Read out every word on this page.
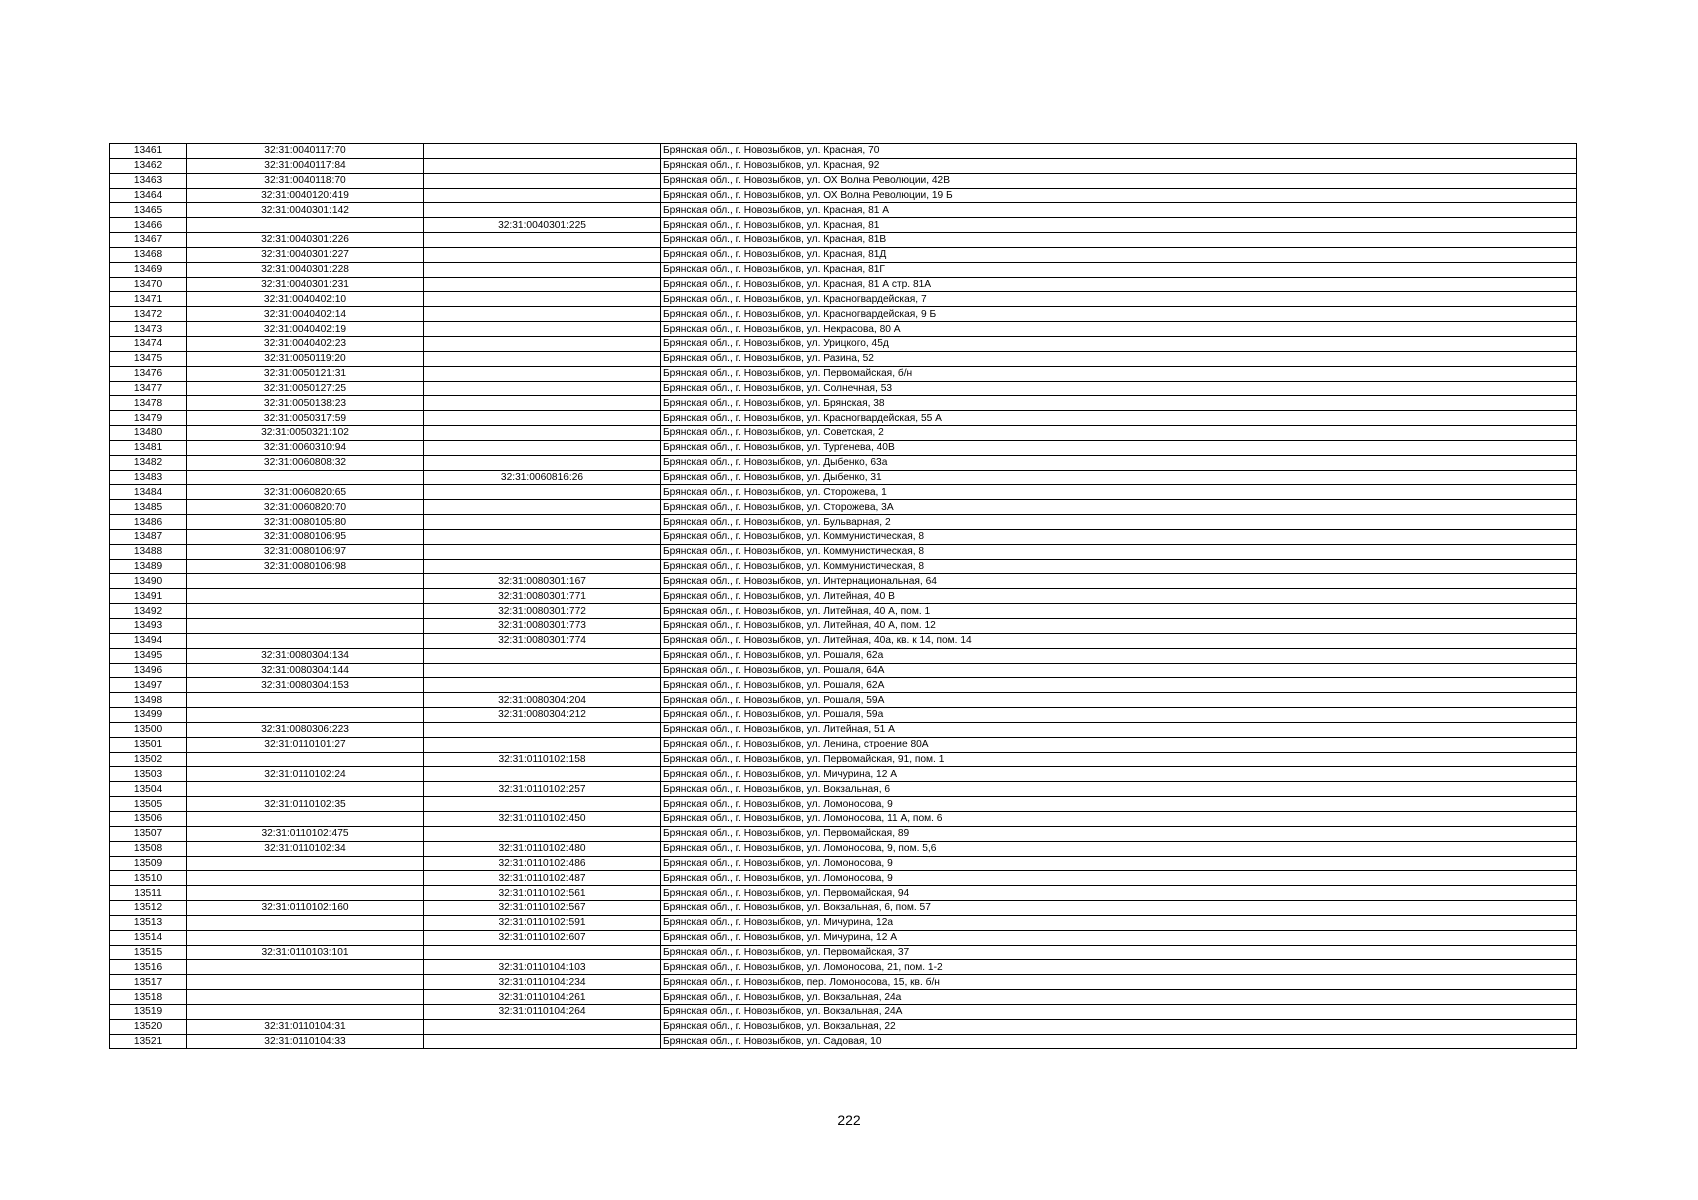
13461	32:31:0040117:70		Брянская обл., г. Новозыбков, ул. Красная, 70
13462	32:31:0040117:84		Брянская обл., г. Новозыбков, ул. Красная, 92
13463	32:31:0040118:70		Брянская обл., г. Новозыбков, ул. ОХ Волна Революции, 42В
13464	32:31:0040120:419		Брянская обл., г. Новозыбков, ул. ОХ Волна Революции, 19 Б
13465	32:31:0040301:142		Брянская обл., г. Новозыбков, ул. Красная, 81 А
13466		32:31:0040301:225	Брянская обл., г. Новозыбков, ул. Красная, 81
13467	32:31:0040301:226		Брянская обл., г. Новозыбков, ул. Красная, 81В
13468	32:31:0040301:227		Брянская обл., г. Новозыбков, ул. Красная, 81Д
13469	32:31:0040301:228		Брянская обл., г. Новозыбков, ул. Красная, 81Г
13470	32:31:0040301:231		Брянская обл., г. Новозыбков, ул. Красная, 81 А стр. 81А
13471	32:31:0040402:10		Брянская обл., г. Новозыбков, ул. Красногвардейская, 7
13472	32:31:0040402:14		Брянская обл., г. Новозыбков, ул. Красногвардейская, 9 Б
13473	32:31:0040402:19		Брянская обл., г. Новозыбков, ул. Некрасова, 80 А
13474	32:31:0040402:23		Брянская обл., г. Новозыбков, ул. Урицкого, 45д
13475	32:31:0050119:20		Брянская обл., г. Новозыбков, ул. Разина, 52
13476	32:31:0050121:31		Брянская обл., г. Новозыбков, ул. Первомайская, б/н
13477	32:31:0050127:25		Брянская обл., г. Новозыбков, ул. Солнечная, 53
13478	32:31:0050138:23		Брянская обл., г. Новозыбков, ул. Брянская, 38
13479	32:31:0050317:59		Брянская обл., г. Новозыбков, ул. Красногвардейская, 55 А
13480	32:31:0050321:102		Брянская обл., г. Новозыбков, ул. Советская, 2
13481	32:31:0060310:94		Брянская обл., г. Новозыбков, ул. Тургенева, 40В
13482	32:31:0060808:32		Брянская обл., г. Новозыбков, ул. Дыбенко, 63а
13483		32:31:0060816:26	Брянская обл., г. Новозыбков, ул. Дыбенко, 31
13484	32:31:0060820:65		Брянская обл., г. Новозыбков, ул. Сторожева, 1
13485	32:31:0060820:70		Брянская обл., г. Новозыбков, ул. Сторожева, 3А
13486	32:31:0080105:80		Брянская обл., г. Новозыбков, ул. Бульварная, 2
13487	32:31:0080106:95		Брянская обл., г. Новозыбков, ул. Коммунистическая, 8
13488	32:31:0080106:97		Брянская обл., г. Новозыбков, ул. Коммунистическая, 8
13489	32:31:0080106:98		Брянская обл., г. Новозыбков, ул. Коммунистическая, 8
13490		32:31:0080301:167	Брянская обл., г. Новозыбков, ул. Интернациональная, 64
13491		32:31:0080301:771	Брянская обл., г. Новозыбков, ул. Литейная, 40 В
13492		32:31:0080301:772	Брянская обл., г. Новозыбков, ул. Литейная, 40 А, пом. 1
13493		32:31:0080301:773	Брянская обл., г. Новозыбков, ул. Литейная, 40 А, пом. 12
13494		32:31:0080301:774	Брянская обл., г. Новозыбков, ул. Литейная, 40а, кв. к 14, пом. 14
13495	32:31:0080304:134		Брянская обл., г. Новозыбков, ул. Рошаля, 62а
13496	32:31:0080304:144		Брянская обл., г. Новозыбков, ул. Рошаля, 64А
13497	32:31:0080304:153		Брянская обл., г. Новозыбков, ул. Рошаля, 62А
13498		32:31:0080304:204	Брянская обл., г. Новозыбков, ул. Рошаля, 59А
13499		32:31:0080304:212	Брянская обл., г. Новозыбков, ул. Рошаля, 59а
13500	32:31:0080306:223		Брянская обл., г. Новозыбков, ул. Литейная, 51 А
13501	32:31:0110101:27		Брянская обл., г. Новозыбков, ул. Ленина, строение 80А
13502		32:31:0110102:158	Брянская обл., г. Новозыбков, ул. Первомайская, 91, пом. 1
13503	32:31:0110102:24		Брянская обл., г. Новозыбков, ул. Мичурина, 12 А
13504		32:31:0110102:257	Брянская обл., г. Новозыбков, ул. Вокзальная, 6
13505	32:31:0110102:35		Брянская обл., г. Новозыбков, ул. Ломоносова, 9
13506		32:31:0110102:450	Брянская обл., г. Новозыбков, ул. Ломоносова, 11 А, пом. 6
13507	32:31:0110102:475		Брянская обл., г. Новозыбков, ул. Первомайская, 89
13508	32:31:0110102:34	32:31:0110102:480	Брянская обл., г. Новозыбков, ул. Ломоносова, 9, пом. 5,6
13509		32:31:0110102:486	Брянская обл., г. Новозыбков, ул. Ломоносова, 9
13510		32:31:0110102:487	Брянская обл., г. Новозыбков, ул. Ломоносова, 9
13511		32:31:0110102:561	Брянская обл., г. Новозыбков, ул. Первомайская, 94
13512	32:31:0110102:160	32:31:0110102:567	Брянская обл., г. Новозыбков, ул. Вокзальная, 6, пом. 57
13513		32:31:0110102:591	Брянская обл., г. Новозыбков, ул. Мичурина, 12а
13514		32:31:0110102:607	Брянская обл., г. Новозыбков, ул. Мичурина, 12 А
13515	32:31:0110103:101		Брянская обл., г. Новозыбков, ул. Первомайская, 37
13516		32:31:0110104:103	Брянская обл., г. Новозыбков, ул. Ломоносова, 21, пом. 1-2
13517		32:31:0110104:234	Брянская обл., г. Новозыбков, пер. Ломоносова, 15, кв. б/н
13518		32:31:0110104:261	Брянская обл., г. Новозыбков, ул. Вокзальная, 24а
13519		32:31:0110104:264	Брянская обл., г. Новозыбков, ул. Вокзальная, 24А
13520	32:31:0110104:31		Брянская обл., г. Новозыбков, ул. Вокзальная, 22
13521	32:31:0110104:33		Брянская обл., г. Новозыбков, ул. Садовая, 10
222
